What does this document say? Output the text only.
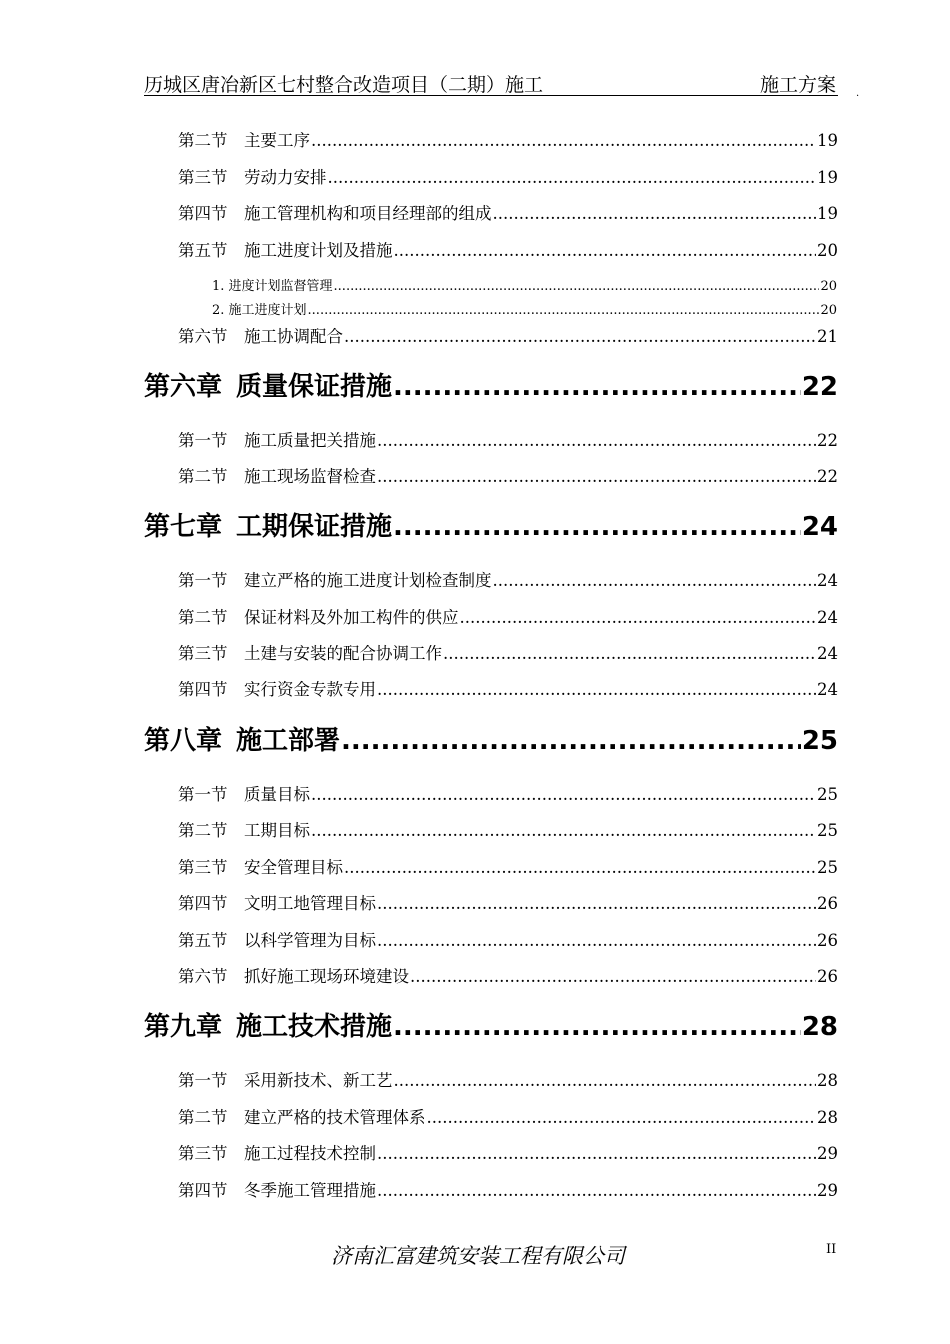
历城区唐冶新区七村整合改造项目（二期）施工	施工方案 .
第二节 主要工序 .....	19
第三节 劳动力安排 .....	19
第四节 施工管理机构和项目经理部的组成 .....	19
第五节 施工进度计划及措施 .....	20
1. 进度计划监督管理 .....	20
2. 施工进度计划 .....	20
第六节 施工协调配合 .....	21
第六章 质量保证措施 .....	22
第一节 施工质量把关措施 .....	22
第二节 施工现场监督检查 .....	22
第七章 工期保证措施 .....	24
第一节 建立严格的施工进度计划检查制度 .....	24
第二节 保证材料及外加工构件的供应 .....	24
第三节 土建与安装的配合协调工作 .....	24
第四节 实行资金专款专用 .....	24
第八章 施工部署 .....	25
第一节 质量目标 .....	25
第二节 工期目标 .....	25
第三节 安全管理目标 .....	25
第四节 文明工地管理目标 .....	26
第五节 以科学管理为目标 .....	26
第六节 抓好施工现场环境建设 .....	26
第九章 施工技术措施 .....	28
第一节 采用新技术、新工艺 .....	28
第二节 建立严格的技术管理体系 .....	28
第三节 施工过程技术控制 .....	29
第四节 冬季施工管理措施 .....	29
济南汇富建筑安装工程有限公司	II
